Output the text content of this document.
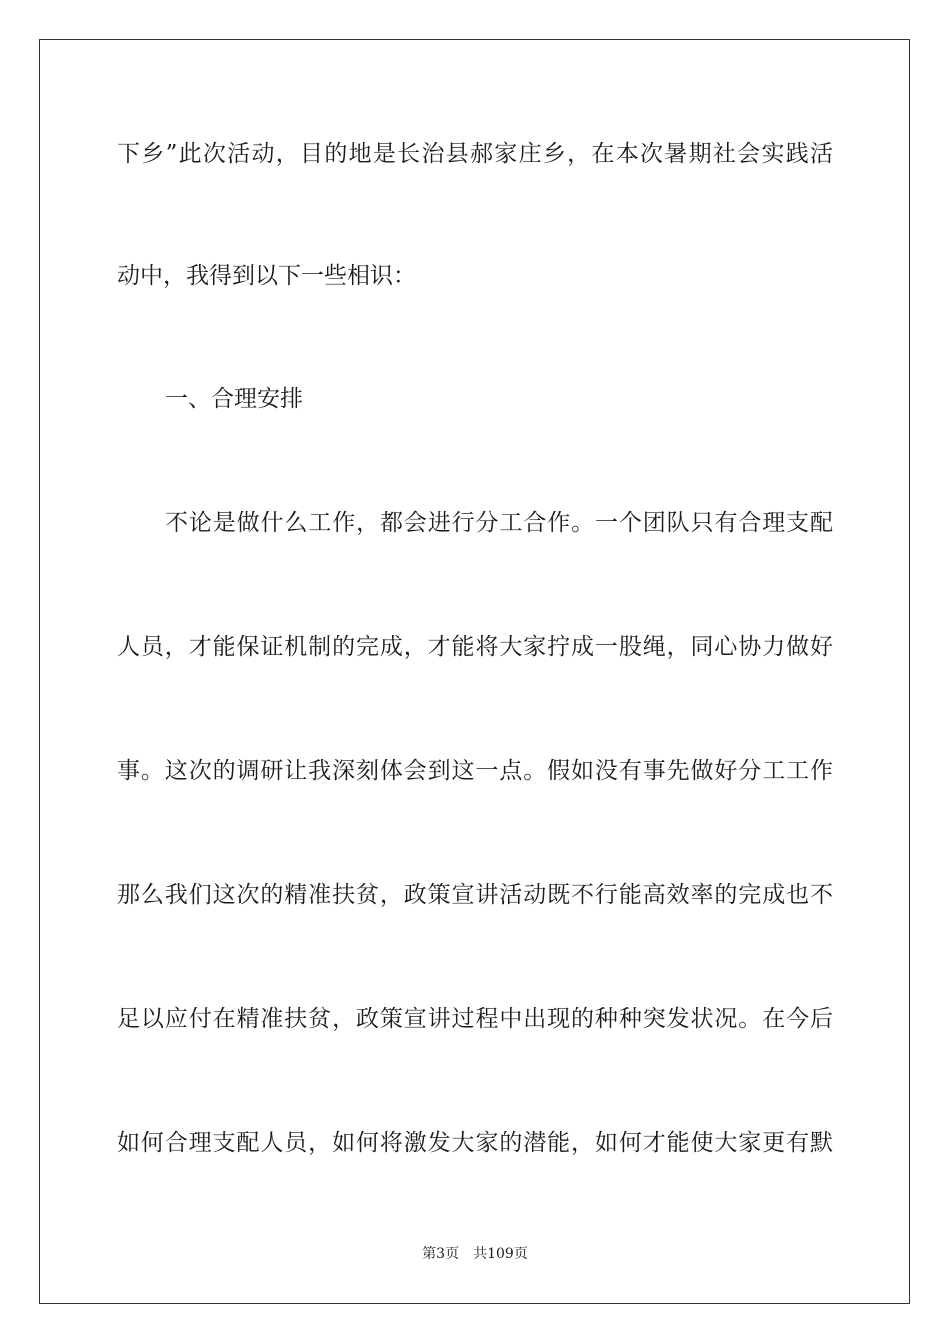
下乡”此次活动，目的地是长治县郝家庄乡，在本次暑期社会实践活
动中，我得到以下一些相识：
一、合理安排
不论是做什么工作，都会进行分工合作。一个团队只有合理支配
人员，才能保证机制的完成，才能将大家拧成一股绳，同心协力做好
事。这次的调研让我深刻体会到这一点。假如没有事先做好分工工作
那么我们这次的精准扶贫，政策宣讲活动既不行能高效率的完成也不
足以应付在精准扶贫，政策宣讲过程中出现的种种突发状况。在今后
如何合理支配人员，如何将激发大家的潜能，如何才能使大家更有默
第3页 共109页
